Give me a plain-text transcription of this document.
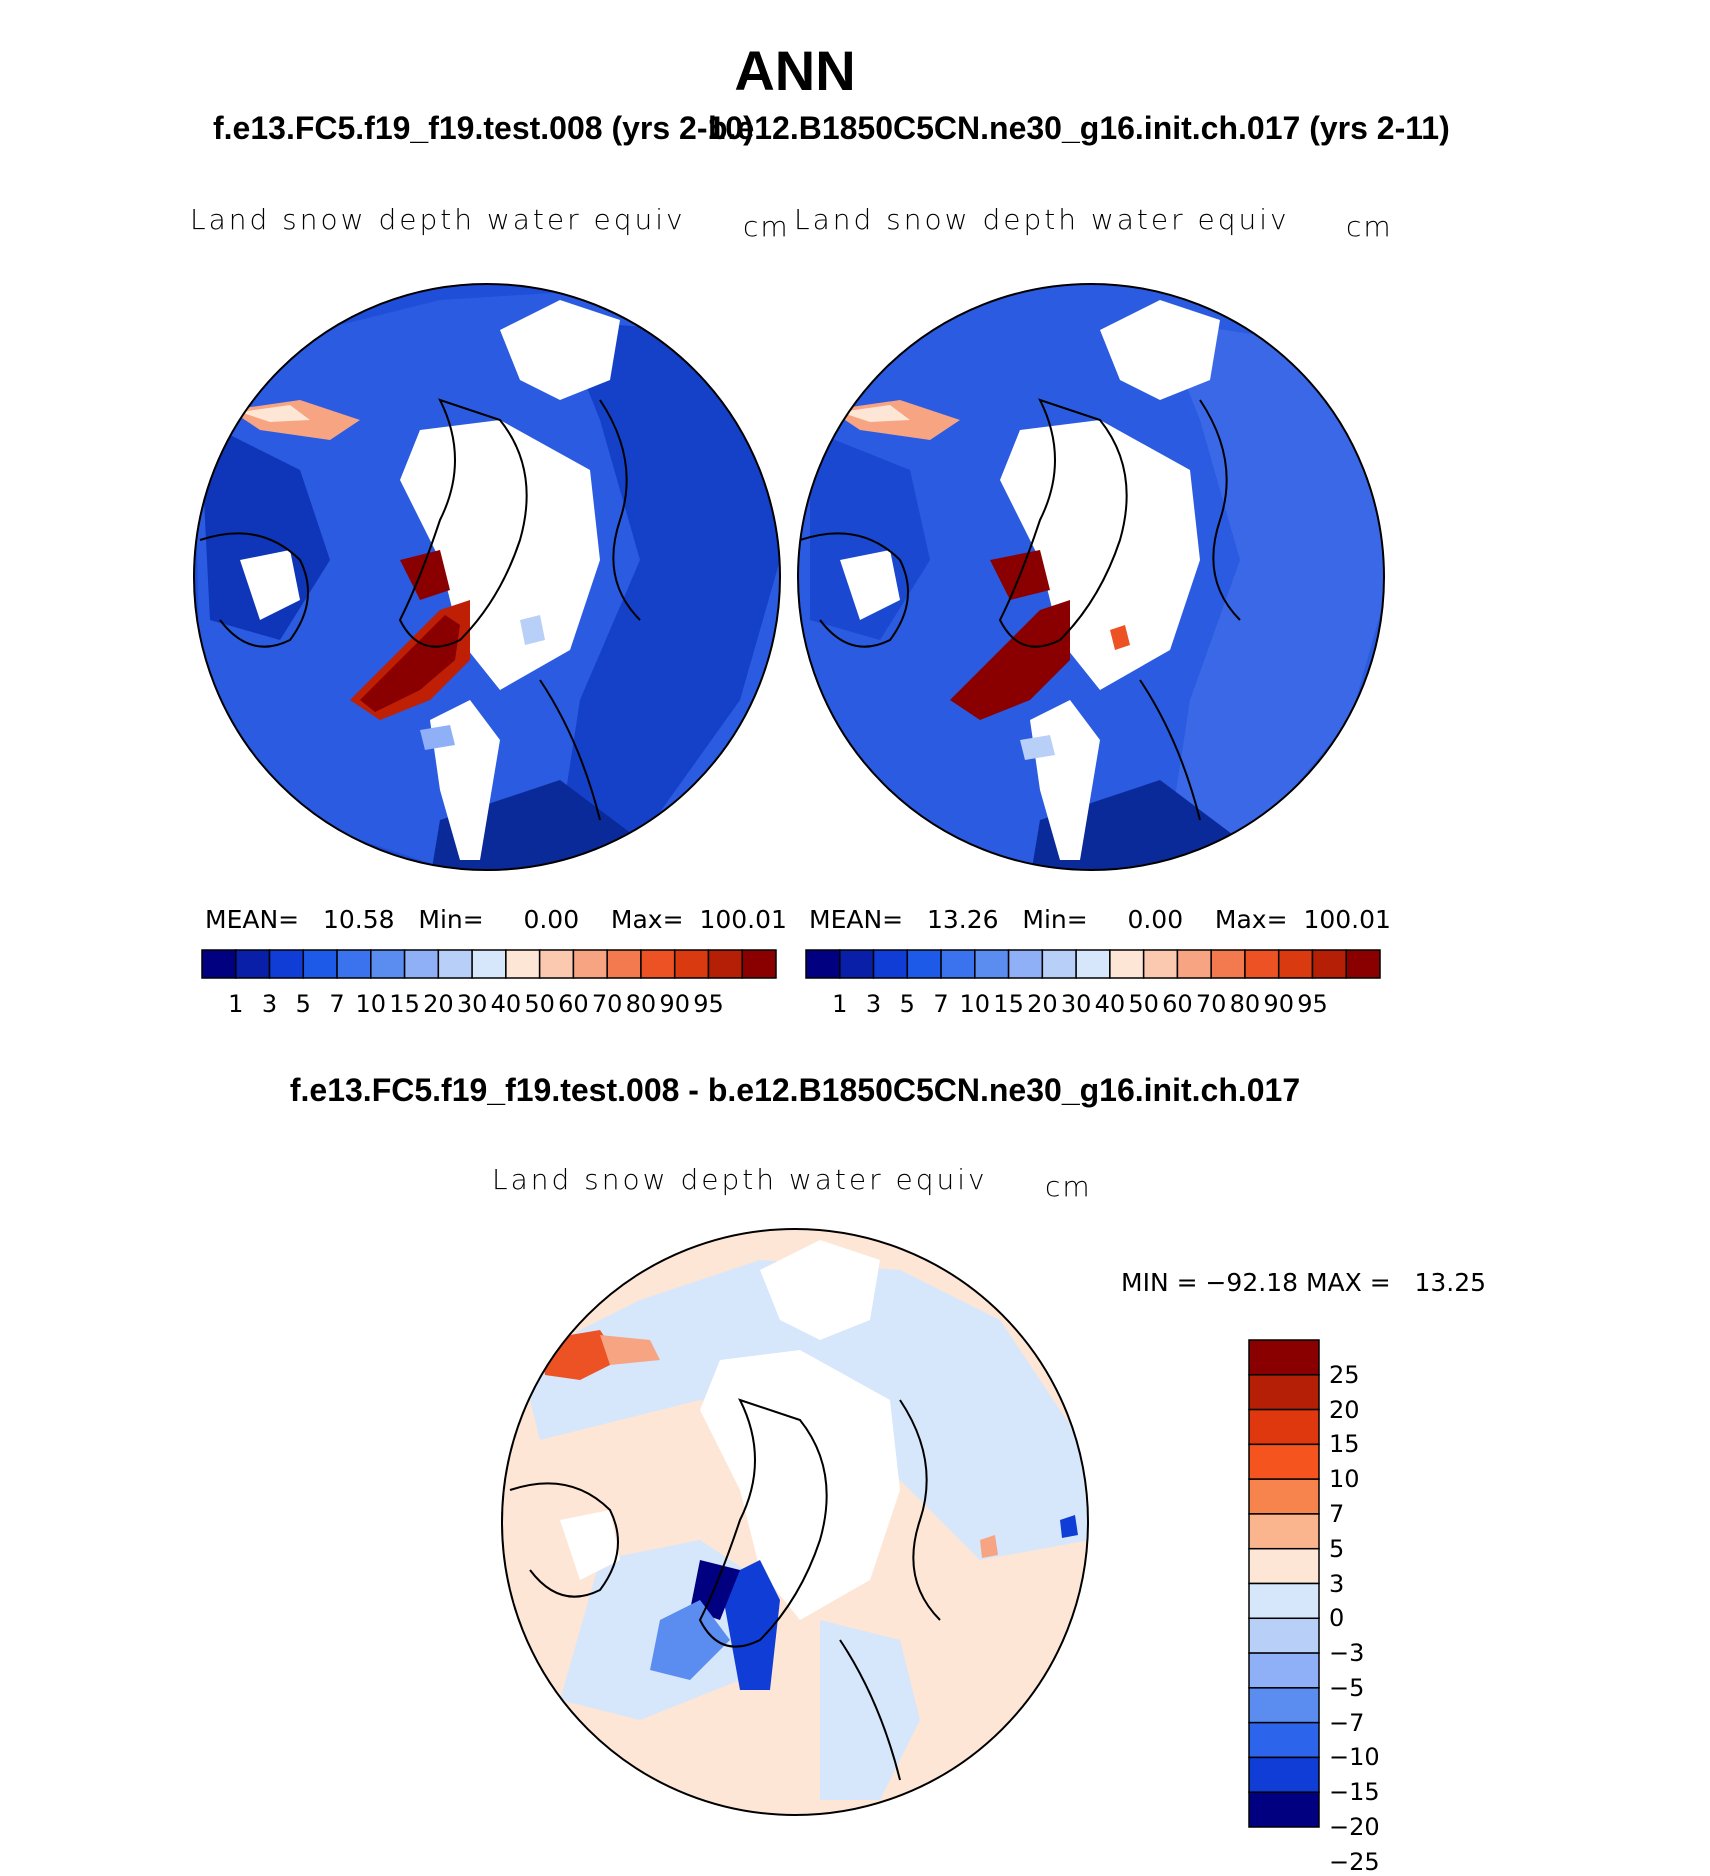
ANN
f.e13.FC5.f19_f19.test.008 (yrs 2-10)
b.e12.B1850C5CN.ne30_g16.init.ch.017 (yrs 2-11)
Land snow depth water equiv cm Land snow depth water equiv cm
MEAN= 10.58 Min= 0.00 Max= 100.01 MEAN= 13.26 Min= 0.00 Max= 100.01
1 3 5 7 10 15 20 30 40 50 60 70 80 90 95	1 3 5 7 10 15 20 30 40 50 60 70 80 90 95
25
20
15
10
7
5
3
0
−3
−5
−7
−10
−15
−20
−25
f.e13.FC5.f19_f19.test.008 - b.e12.B1850C5CN.ne30_g16.init.ch.017
Land snow depth water equiv cm
MIN = −92.18 MAX =   13.25
